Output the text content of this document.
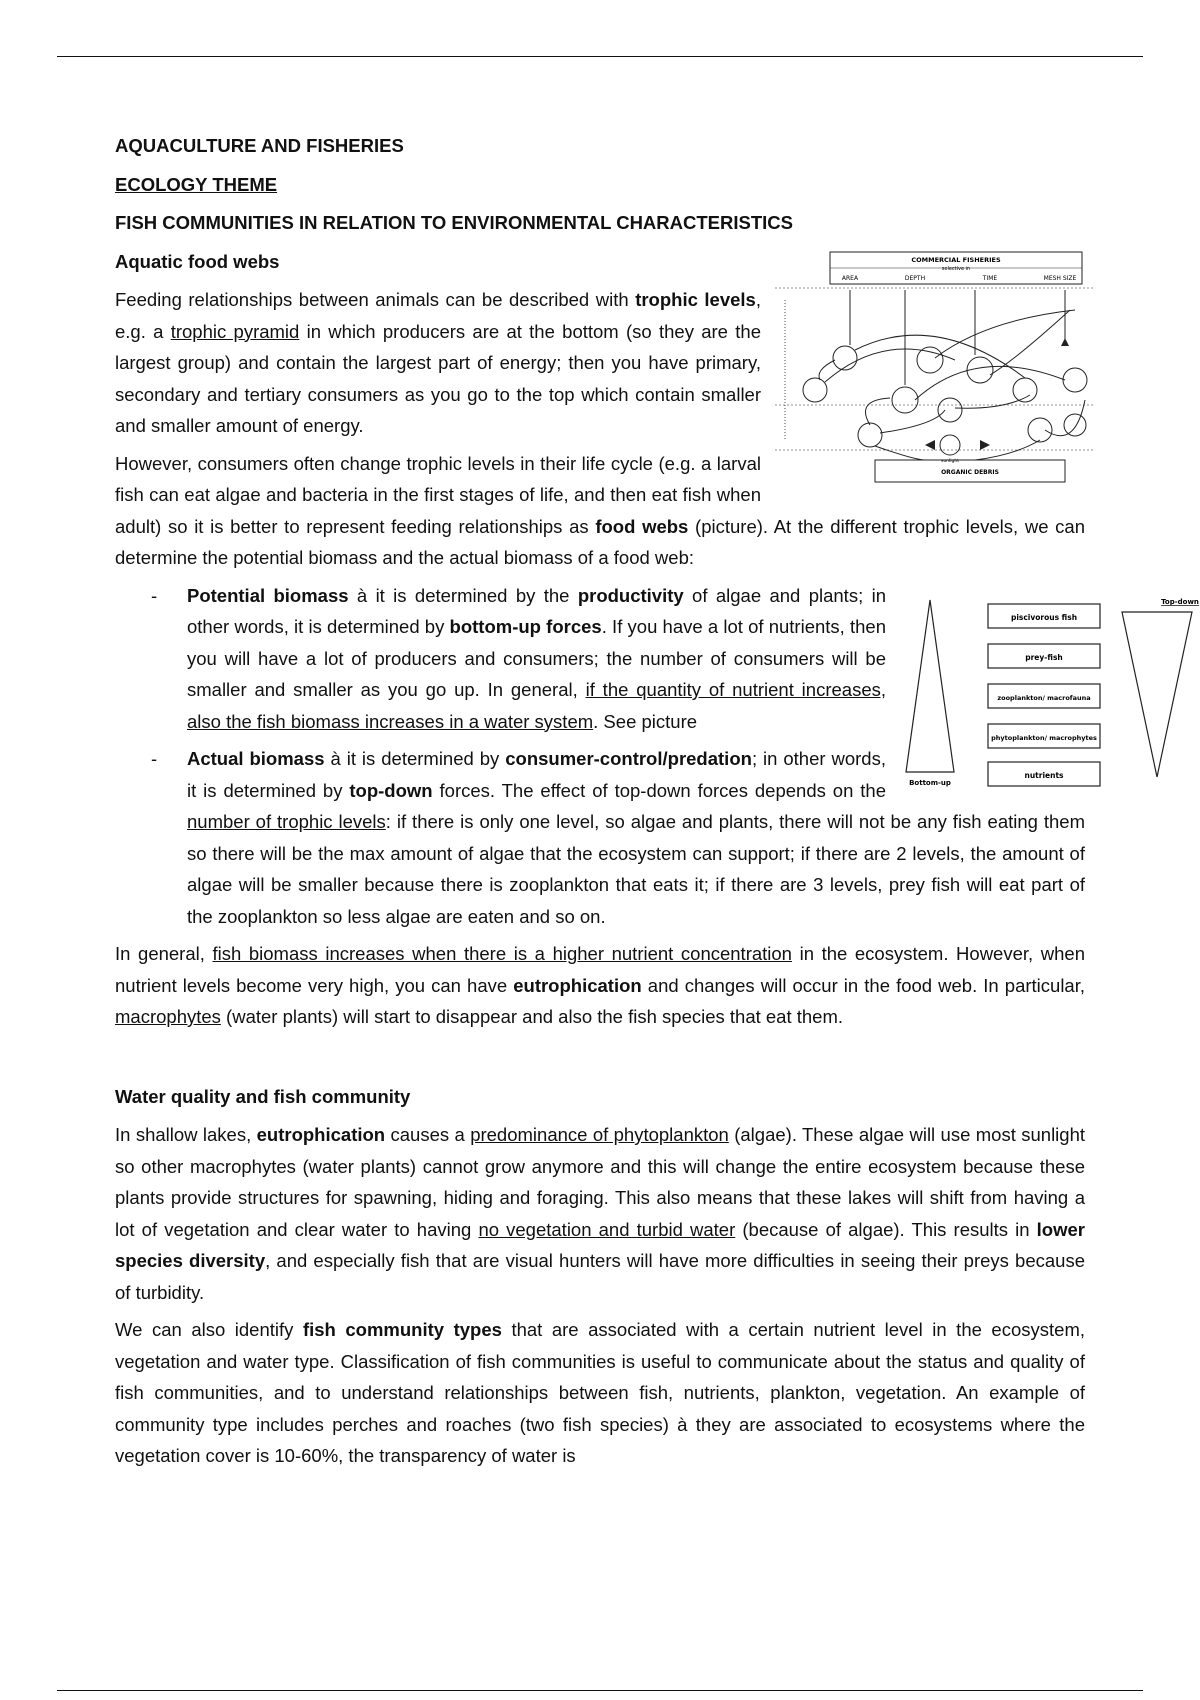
AQUACULTURE AND FISHERIES
ECOLOGY THEME
FISH COMMUNITIES IN RELATION TO ENVIRONMENTAL CHARACTERISTICS
COMMERCIAL FISHERIES
selective in
AREA	DEPTH	TIME	MESH SIZE
ORGANIC DEBRIS
sunlight
Aquatic food webs

Feeding relationships between animals can be described with trophic levels, e.g. a trophic pyramid in which producers are at the bottom (so they are the largest group) and contain the largest part of energy; then you have primary, secondary and tertiary consumers as you go to the top which contain smaller and smaller amount of energy.

However, consumers often change trophic levels in their life cycle (e.g. a larval fish can eat algae and bacteria in the first stages of life, and then eat fish when adult) so it is better to represent feeding relationships as food webs (picture). At the different trophic levels, we can determine the potential biomass and the actual biomass of a food web:

-
piscivorous fish
prey-fish
zooplankton/ macrofauna
phytoplankton/ macrophytes
nutrients
Bottom-up
Top-down
Potential biomass à it is determined by the productivity of algae and plants; in other words, it is determined by bottom-up forces. If you have a lot of nutrients, then you will have a lot of producers and consumers; the number of consumers will be smaller and smaller as you go up. In general, if the quantity of nutrient increases, also the fish biomass increases in a water system. See picture
- Actual biomass à it is determined by consumer-control/predation; in other words, it is determined by top-down forces. The effect of top-down forces depends on the number of trophic levels: if there is only one level, so algae and plants, there will not be any fish eating them so there will be the max amount of algae that the ecosystem can support; if there are 2 levels, the amount of algae will be smaller because there is zooplankton that eats it; if there are 3 levels, prey fish will eat part of the zooplankton so less algae are eaten and so on.

In general, fish biomass increases when there is a higher nutrient concentration in the ecosystem. However, when nutrient levels become very high, you can have eutrophication and changes will occur in the food web. In particular, macrophytes (water plants) will start to disappear and also the fish species that eat them.

Water quality and fish community

In shallow lakes, eutrophication causes a predominance of phytoplankton (algae). These algae will use most sunlight so other macrophytes (water plants) cannot grow anymore and this will change the entire ecosystem because these plants provide structures for spawning, hiding and foraging. This also means that these lakes will shift from having a lot of vegetation and clear water to having no vegetation and turbid water (because of algae). This results in lower species diversity, and especially fish that are visual hunters will have more difficulties in seeing their preys because of turbidity.

We can also identify fish community types that are associated with a certain nutrient level in the ecosystem, vegetation and water type. Classification of fish communities is useful to communicate about the status and quality of fish communities, and to understand relationships between fish, nutrients, plankton, vegetation. An example of community type includes perches and roaches (two fish species) à they are associated to ecosystems where the vegetation cover is 10-60%, the transparency of water is
